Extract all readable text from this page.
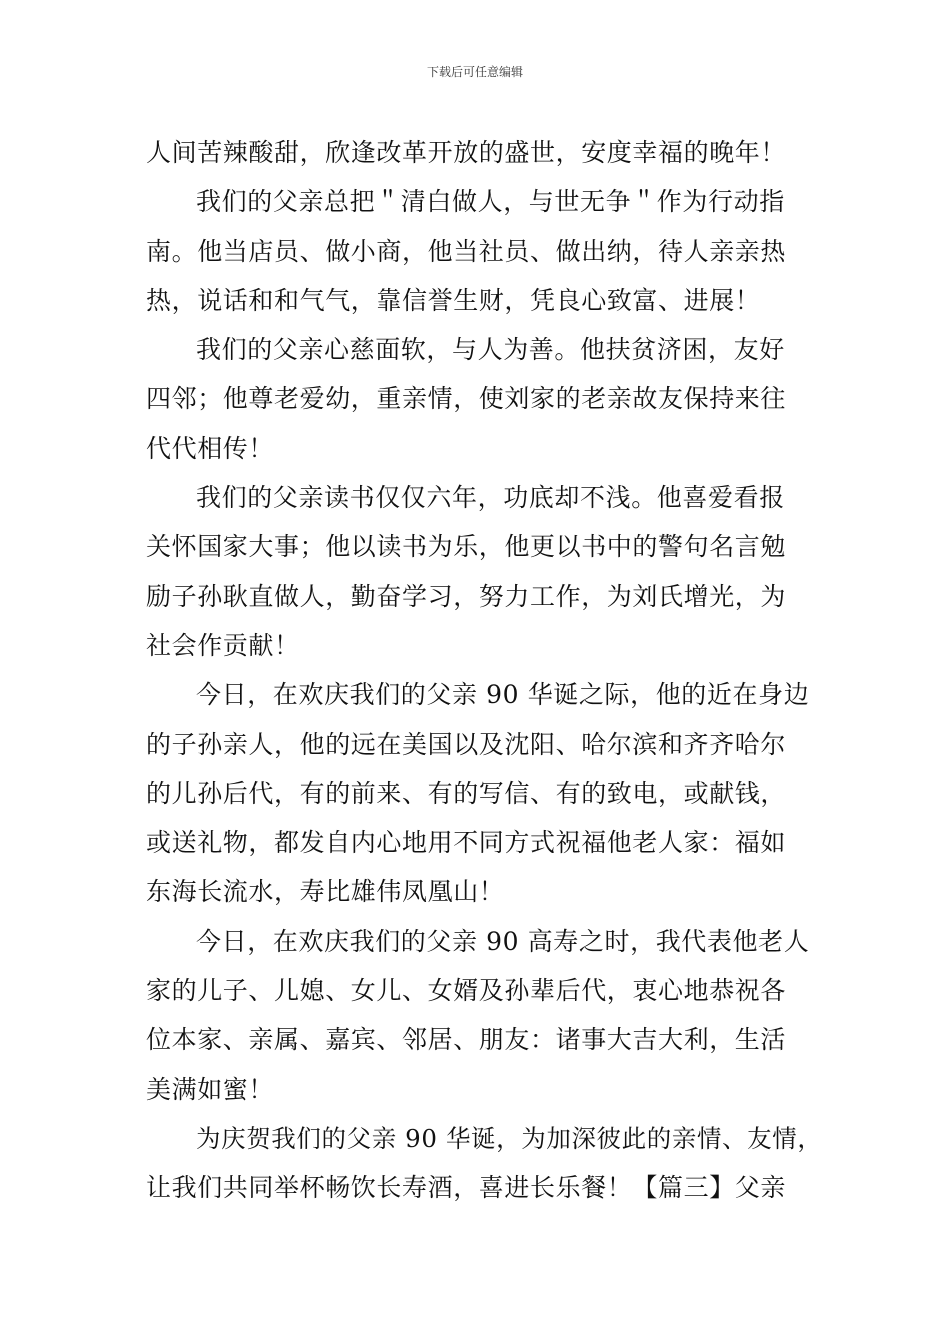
下载后可任意编辑
人间苦辣酸甜，欣逢改革开放的盛世，安度幸福的晚年！
我们的父亲总把＂清白做人，与世无争＂作为行动指
南。他当店员、做小商，他当社员、做出纳，待人亲亲热
热，说话和和气气，靠信誉生财，凭良心致富、进展！
我们的父亲心慈面软，与人为善。他扶贫济困，友好
四邻；他尊老爱幼，重亲情，使刘家的老亲故友保持来往
代代相传！
我们的父亲读书仅仅六年，功底却不浅。他喜爱看报
关怀国家大事；他以读书为乐，他更以书中的警句名言勉
励子孙耿直做人，勤奋学习，努力工作，为刘氏增光，为
社会作贡献！
今日，在欢庆我们的父亲 90 华诞之际，他的近在身边
的子孙亲人，他的远在美国以及沈阳、哈尔滨和齐齐哈尔
的儿孙后代，有的前来、有的写信、有的致电，或献钱，
或送礼物，都发自内心地用不同方式祝福他老人家：福如
东海长流水，寿比雄伟凤凰山！
今日，在欢庆我们的父亲 90 高寿之时，我代表他老人
家的儿子、儿媳、女儿、女婿及孙辈后代，衷心地恭祝各
位本家、亲属、嘉宾、邻居、朋友：诸事大吉大利，生活
美满如蜜！
为庆贺我们的父亲 90 华诞，为加深彼此的亲情、友情，
让我们共同举杯畅饮长寿酒，喜进长乐餐！【篇三】父亲
